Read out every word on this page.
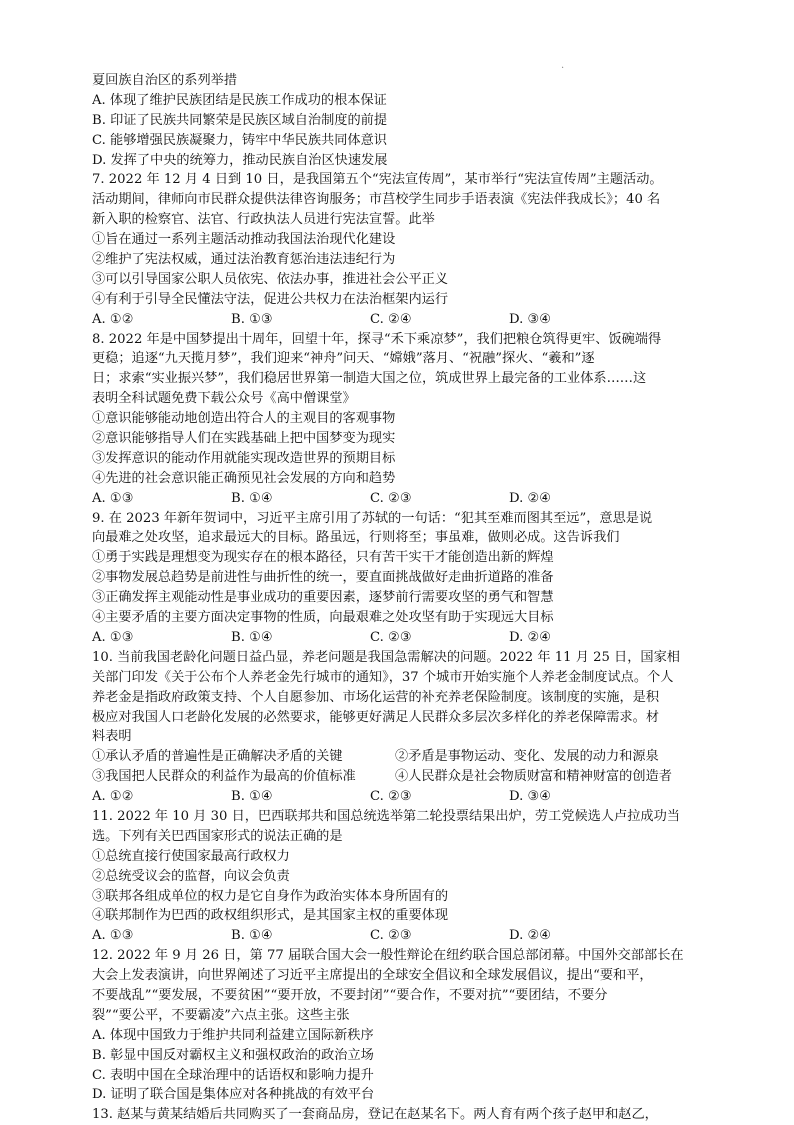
.
夏回族自治区的系列举措
A. 体现了维护民族团结是民族工作成功的根本保证
B. 印证了民族共同繁荣是民族区域自治制度的前提
C. 能够增强民族凝聚力，铸牢中华民族共同体意识
D. 发挥了中央的统筹力，推动民族自治区快速发展
7. 2022 年 12 月 4 日到 10 日，是我国第五个“宪法宣传周”，某市举行“宪法宣传周”主题活动。
活动期间，律师向市民群众提供法律咨询服务；市莒校学生同步手语表演《宪法伴我成长》；40 名
新入职的检察官、法官、行政执法人员进行宪法宣誓。此举
①旨在通过一系列主题活动推动我国法治现代化建设
②维护了宪法权威，通过法治教育惩治违法违纪行为
③可以引导国家公职人员依宪、依法办事，推进社会公平正义
④有利于引导全民懂法守法，促进公共权力在法治框架内运行
A. ①②	B. ①③	C. ②④	D. ③④
8. 2022 年是中国梦提出十周年，回望十年，探寻“禾下乘凉梦”，我们把粮仓筑得更牢、饭碗端得
更稳；追逐“九天揽月梦”，我们迎来“神舟”问天、“嫦娥”落月、“祝融”探火、“羲和”逐
日；求索“实业振兴梦”，我们稳居世界第一制造大国之位，筑成世界上最完备的工业体系……这
表明全科试题免费下载公众号《高中僧课堂》
①意识能够能动地创造出符合人的主观目的客观事物
②意识能够指导人们在实践基础上把中国梦变为现实
③发挥意识的能动作用就能实现改造世界的预期目标
④先进的社会意识能正确预见社会发展的方向和趋势
A. ①③	B. ①④	C. ②③	D. ②④
9. 在 2023 年新年贺词中，习近平主席引用了苏轼的一句话：“犯其至难而图其至远”，意思是说
向最难之处攻坚，追求最远大的目标。路虽远，行则将至；事虽难，做则必成。这告诉我们
①勇于实践是理想变为现实存在的根本路径，只有苦干实干才能创造出新的辉煌
②事物发展总趋势是前进性与曲折性的统一，要直面挑战做好走曲折道路的准备
③正确发挥主观能动性是事业成功的重要因素，逐梦前行需要攻坚的勇气和智慧
④主要矛盾的主要方面决定事物的性质，向最艰难之处攻坚有助于实现远大目标
A. ①③	B. ①④	C. ②③	D. ②④
10. 当前我国老龄化问题日益凸显，养老问题是我国急需解决的问题。2022 年 11 月 25 日，国家相
关部门印发《关于公布个人养老金先行城市的通知》，37 个城市开始实施个人养老金制度试点。个人
养老金是指政府政策支持、个人自愿参加、市场化运营的补充养老保险制度。该制度的实施，是积
极应对我国人口老龄化发展的必然要求，能够更好满足人民群众多层次多样化的养老保障需求。材
料表明
①承认矛盾的普遍性是正确解决矛盾的关键	②矛盾是事物运动、变化、发展的动力和源泉
③我国把人民群众的利益作为最高的价值标准	④人民群众是社会物质财富和精神财富的创造者
A. ①②	B. ①④	C. ②③	D. ③④
11. 2022 年 10 月 30 日，巴西联邦共和国总统选举第二轮投票结果出炉，劳工党候选人卢拉成功当
选。下列有关巴西国家形式的说法正确的是
①总统直接行使国家最高行政权力
②总统受议会的监督，向议会负责
③联邦各组成单位的权力是它自身作为政治实体本身所固有的
④联邦制作为巴西的政权组织形式，是其国家主权的重要体现
A. ①③	B. ①④	C. ②③	D. ②④
12. 2022 年 9 月 26 日，第 77 届联合国大会一般性辩论在纽约联合国总部闭幕。中国外交部部长在
大会上发表演讲，向世界阐述了习近平主席提出的全球安全倡议和全球发展倡议，提出“要和平，
不要战乱”“要发展，不要贫困”“要开放，不要封闭”“要合作，不要对抗”“要团结，不要分
裂”“要公平，不要霸凌”六点主张。这些主张
A. 体现中国致力于维护共同利益建立国际新秩序
B. 彰显中国反对霸权主义和强权政治的政治立场
C. 表明中国在全球治理中的话语权和影响力提升
D. 证明了联合国是集体应对各种挑战的有效平台
13. 赵某与黄某结婚后共同购买了一套商品房，登记在赵某名下。两人育有两个孩子赵甲和赵乙，
